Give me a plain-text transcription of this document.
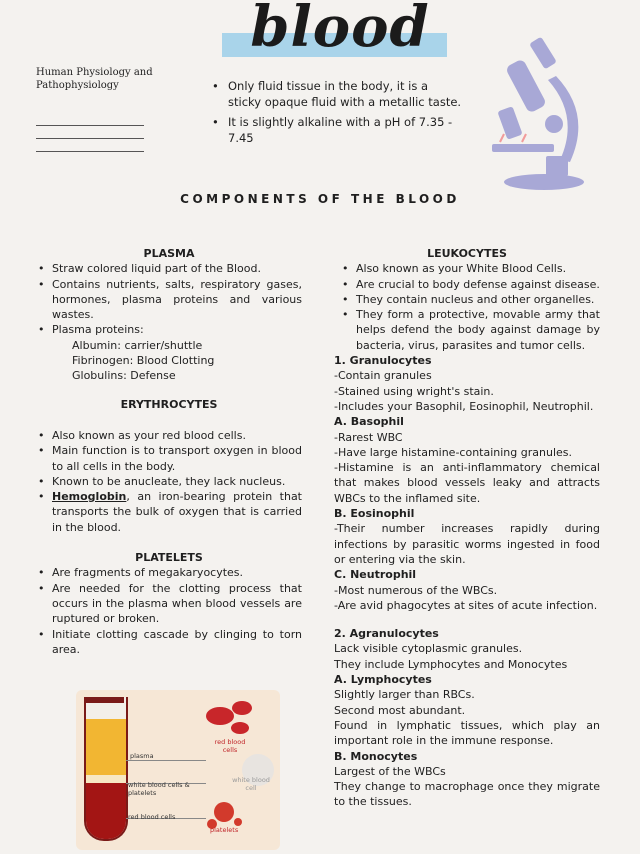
blood
Human Physiology and Pathophysiology
•	Only fluid tissue in the body, it is a sticky opaque fluid with a metallic taste.
• It is slightly alkaline with a pH of 7.35 - 7.45
COMPONENTS OF THE BLOOD
PLASMA
• Straw colored liquid part of the Blood.
• Contains nutrients, salts, respiratory gases, hormones, plasma proteins and various wastes.
• Plasma proteins:
Albumin: carrier/shuttle
Fibrinogen: Blood Clotting
Globulins: Defense
ERYTHROCYTES
• Also known as your red blood cells.
• Main function is to transport oxygen in blood to all cells in the body.
• Known to be anucleate, they lack nucleus.
• Hemoglobin, an iron-bearing protein that transports the bulk of oxygen that is carried in the blood.
PLATELETS
• Are fragments of megakaryocytes.
• Are needed for the clotting process that occurs in the plasma when blood vessels are ruptured or broken.
• Initiate clotting cascade by clinging to torn area.
LEUKOCYTES
• Also known as your White Blood Cells.
• Are crucial to body defense against disease.
• They contain nucleus and other organelles.
• They form a protective, movable army that helps defend the body against damage by bacteria, virus, parasites and tumor cells.

1. Granulocytes

-Contain granules

-Stained using wright's stain.

-Includes your Basophil, Eosinophil, Neutrophil.

A. Basophil

-Rarest WBC

-Have large histamine-containing granules.

-Histamine is an anti-inflammatory chemical that makes blood vessels leaky and attracts WBCs to the inflamed site.

B. Eosinophil

-Their number increases rapidly during infections by parasitic worms ingested in food or entering via the skin.

C. Neutrophil

-Most numerous of the WBCs.

-Are avid phagocytes at sites of acute infection.

2. Agranulocytes

Lack visible cytoplasmic granules.

They include Lymphocytes and Monocytes

A. Lymphocytes

Slightly larger than RBCs.

Second most abundant.

Found in lymphatic tissues, which play an important role in the immune response.

B. Monocytes

Largest of the WBCs

They change to macrophage once they migrate to the tissues.

plasma
white blood cells & platelets
red blood cells
red blood cells
white blood cell
platelets
